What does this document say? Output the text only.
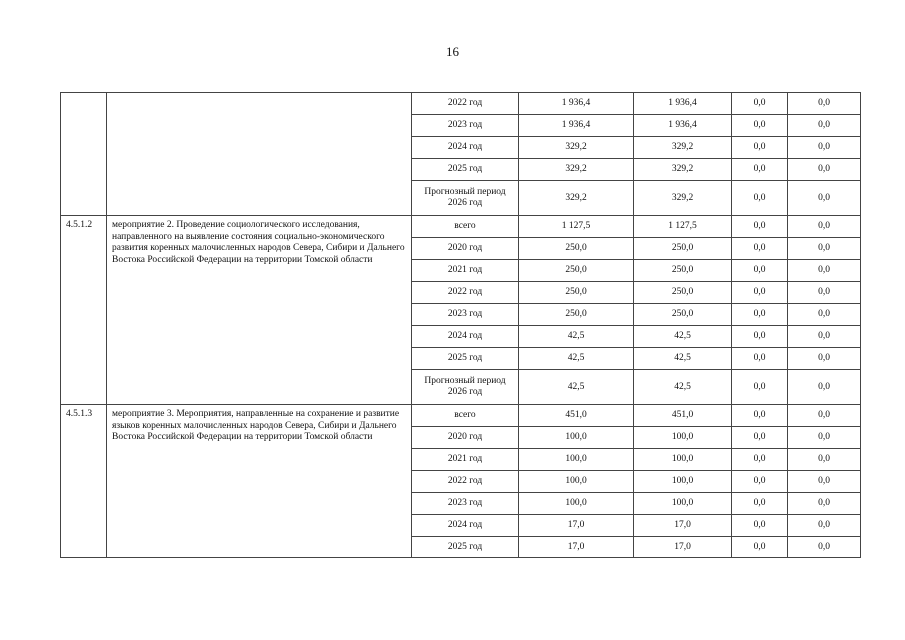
16
		2022 год	1 936,4	1 936,4	0,0	0,0
		2023 год	1 936,4	1 936,4	0,0	0,0
		2024 год	329,2	329,2	0,0	0,0
		2025 год	329,2	329,2	0,0	0,0
		Прогнозный период 2026 год	329,2	329,2	0,0	0,0
4.5.1.2	мероприятие 2. Проведение социологического исследования, направленного на выявление состояния социально-экономического развития коренных малочисленных народов Севера, Сибири и Дальнего Востока Российской Федерации на территории Томской области	всего	1 127,5	1 127,5	0,0	0,0
		2020 год	250,0	250,0	0,0	0,0
		2021 год	250,0	250,0	0,0	0,0
		2022 год	250,0	250,0	0,0	0,0
		2023 год	250,0	250,0	0,0	0,0
		2024 год	42,5	42,5	0,0	0,0
		2025 год	42,5	42,5	0,0	0,0
		Прогнозный период 2026 год	42,5	42,5	0,0	0,0
4.5.1.3	мероприятие 3. Мероприятия, направленные на сохранение и развитие языков коренных малочисленных народов Севера, Сибири и Дальнего Востока Российской Федерации на территории Томской области	всего	451,0	451,0	0,0	0,0
		2020 год	100,0	100,0	0,0	0,0
		2021 год	100,0	100,0	0,0	0,0
		2022 год	100,0	100,0	0,0	0,0
		2023 год	100,0	100,0	0,0	0,0
		2024 год	17,0	17,0	0,0	0,0
		2025 год	17,0	17,0	0,0	0,0
